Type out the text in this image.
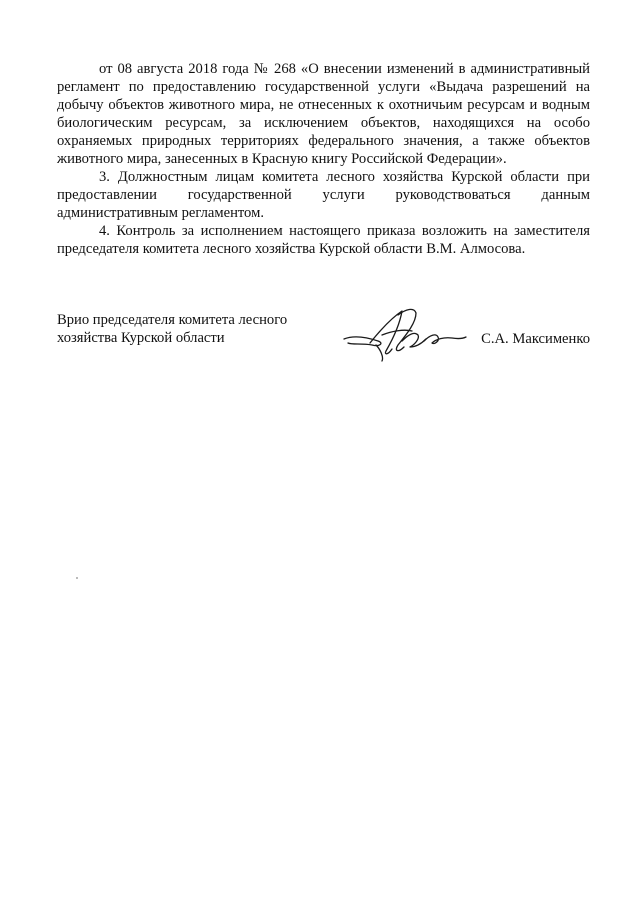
от 08 августа 2018 года № 268 «О внесении изменений в административный регламент по предоставлению государственной услуги «Выдача разрешений на добычу объектов животного мира, не отнесенных к охотничьим ресурсам и водным биологическим ресурсам, за исключением объектов, находящихся на особо охраняемых природных территориях федерального значения, а также объектов животного мира, занесенных в Красную книгу Российской Федерации».

3. Должностным лицам комитета лесного хозяйства Курской области при предоставлении государственной услуги руководствоваться данным административным регламентом.

4. Контроль за исполнением настоящего приказа возложить на заместителя председателя комитета лесного хозяйства Курской области В.М. Алмосова.

Врио председателя комитета лесного
хозяйства Курской области	С.А. Максименко
